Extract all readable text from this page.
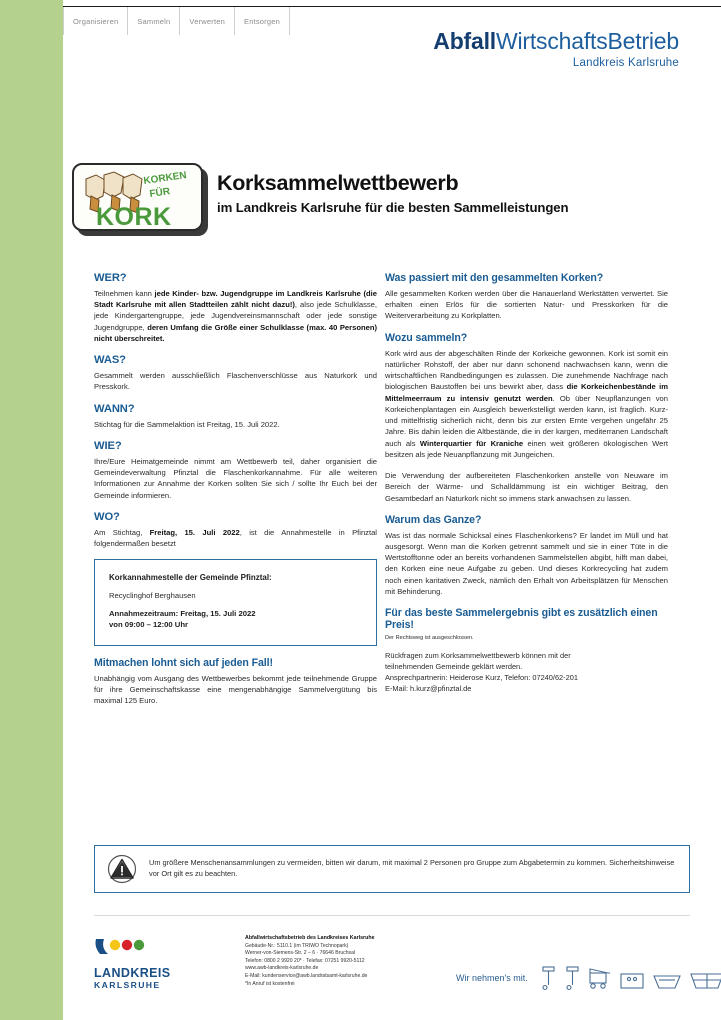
Organisieren	Sammeln	Verwerten	Entsorgen
AbfallWirtschaftsBetrieb
Landkreis Karlsruhe
KORKEN
FÜR
KORK
Korksammelwettbewerb
im Landkreis Karlsruhe für die besten Sammelleistungen
WER?

Teilnehmen kann jede Kinder- bzw. Jugendgruppe im Landkreis Karlsruhe (die Stadt Karlsruhe mit allen Stadtteilen zählt nicht dazu!), also jede Schulklasse, jede Kindergartengruppe, jede Jugendvereinsmannschaft oder jede sonstige Jugendgruppe, deren Umfang die Größe einer Schulklasse (max. 40 Personen) nicht überschreitet.

WAS?

Gesammelt werden ausschließlich Flaschenverschlüsse aus Naturkork und Presskork.

WANN?

Stichtag für die Sammelaktion ist Freitag, 15. Juli 2022.

WIE?

Ihre/Eure Heimatgemeinde nimmt am Wettbewerb teil, daher organisiert die Gemeindeverwaltung Pfinztal die Flaschenkorkannahme. Für alle weiteren Informationen zur Annahme der Korken sollten Sie sich / sollte Ihr Euch bei der Gemeinde informieren.

WO?

Am Stichtag, Freitag, 15. Juli 2022, ist die Annahmestelle in Pfinztal folgendermaßen besetzt

Korkannahmestelle der Gemeinde Pfinztal:
Recyclinghof Berghausen
Annahmezeitraum: Freitag, 15. Juli 2022
von 09:00 – 12:00 Uhr
Mitmachen lohnt sich auf jeden Fall!

Unabhängig vom Ausgang des Wettbewerbes bekommt jede teilnehmende Gruppe für ihre Gemeinschaftskasse eine mengenabhängige Sammelvergütung bis maximal 125 Euro.

Was passiert mit den gesammelten Korken?

Alle gesammelten Korken werden über die Hanauerland Werkstätten verwertet. Sie erhalten einen Erlös für die sortierten Natur- und Presskorken für die Weiterverarbeitung zu Korkplatten.

Wozu sammeln?

Kork wird aus der abgeschälten Rinde der Korkeiche gewonnen. Kork ist somit ein natürlicher Rohstoff, der aber nur dann schonend nachwachsen kann, wenn die wirtschaftlichen Randbedingungen es zulassen. Die zunehmende Nachfrage nach biologischen Baustoffen bei uns bewirkt aber, dass die Korkeichenbestände im Mittelmeerraum zu intensiv genutzt werden. Ob über Neupflanzungen von Korkeichenplantagen ein Ausgleich bewerkstelligt werden kann, ist fraglich. Kurz- und mittelfristig sicherlich nicht, denn bis zur ersten Ernte vergehen ungefähr 25 Jahre. Bis dahin leiden die Altbestände, die in der kargen, mediterranen Landschaft auch als Winterquartier für Kraniche einen weit größeren ökologischen Wert besitzen als jede Neuanpflanzung mit Jungeichen.

Die Verwendung der aufbereiteten Flaschenkorken anstelle von Neuware im Bereich der Wärme- und Schalldämmung ist ein wichtiger Beitrag, den Gesamtbedarf an Naturkork nicht so immens stark anwachsen zu lassen.

Warum das Ganze?

Was ist das normale Schicksal eines Flaschenkorkens? Er landet im Müll und hat ausgesorgt. Wenn man die Korken getrennt sammelt und sie in einer Tüte in die Wertstofftonne oder an bereits vorhandenen Sammelstellen abgibt, hilft man dabei, den Korken eine neue Aufgabe zu geben. Und dieses Korkrecycling hat zudem noch einen karitativen Zweck, nämlich den Erhalt von Arbeitsplätzen für Menschen mit Behinderung.

Für das beste Sammelergebnis gibt es zusätzlich einen Preis!
Der Rechtsweg ist ausgeschlossen.

Rückfragen zum Korksammelwettbewerb können mit der
teilnehmenden Gemeinde geklärt werden.
Ansprechpartnerin: Heiderose Kurz, Telefon: 07240/62-201
E-Mail: h.kurz@pfinztal.de

Um größere Menschenansammlungen zu vermeiden, bitten wir darum, mit maximal 2 Personen pro Gruppe zum Abgabetermin zu kommen. Sicherheitshinweise vor Ort gilt es zu beachten.
LANDKREIS
KARLSRUHE
Abfallwirtschaftsbetrieb des Landkreises Karlsruhe
Gebäude-Nr.: 5110.1 (im TRIWO Technopark)
Werner-von-Siemens-Str. 2 – 6 · 76646 Bruchsal
Telefon: 0800 2 9920 20* · Telefax: 07251 9920-5112
www.awb-landkreis-karlsruhe.de
E-Mail: kundenservice@awb.landratsamt-karlsruhe.de
*In Anruf ist kostenfrei
Wir nehmen's mit.
